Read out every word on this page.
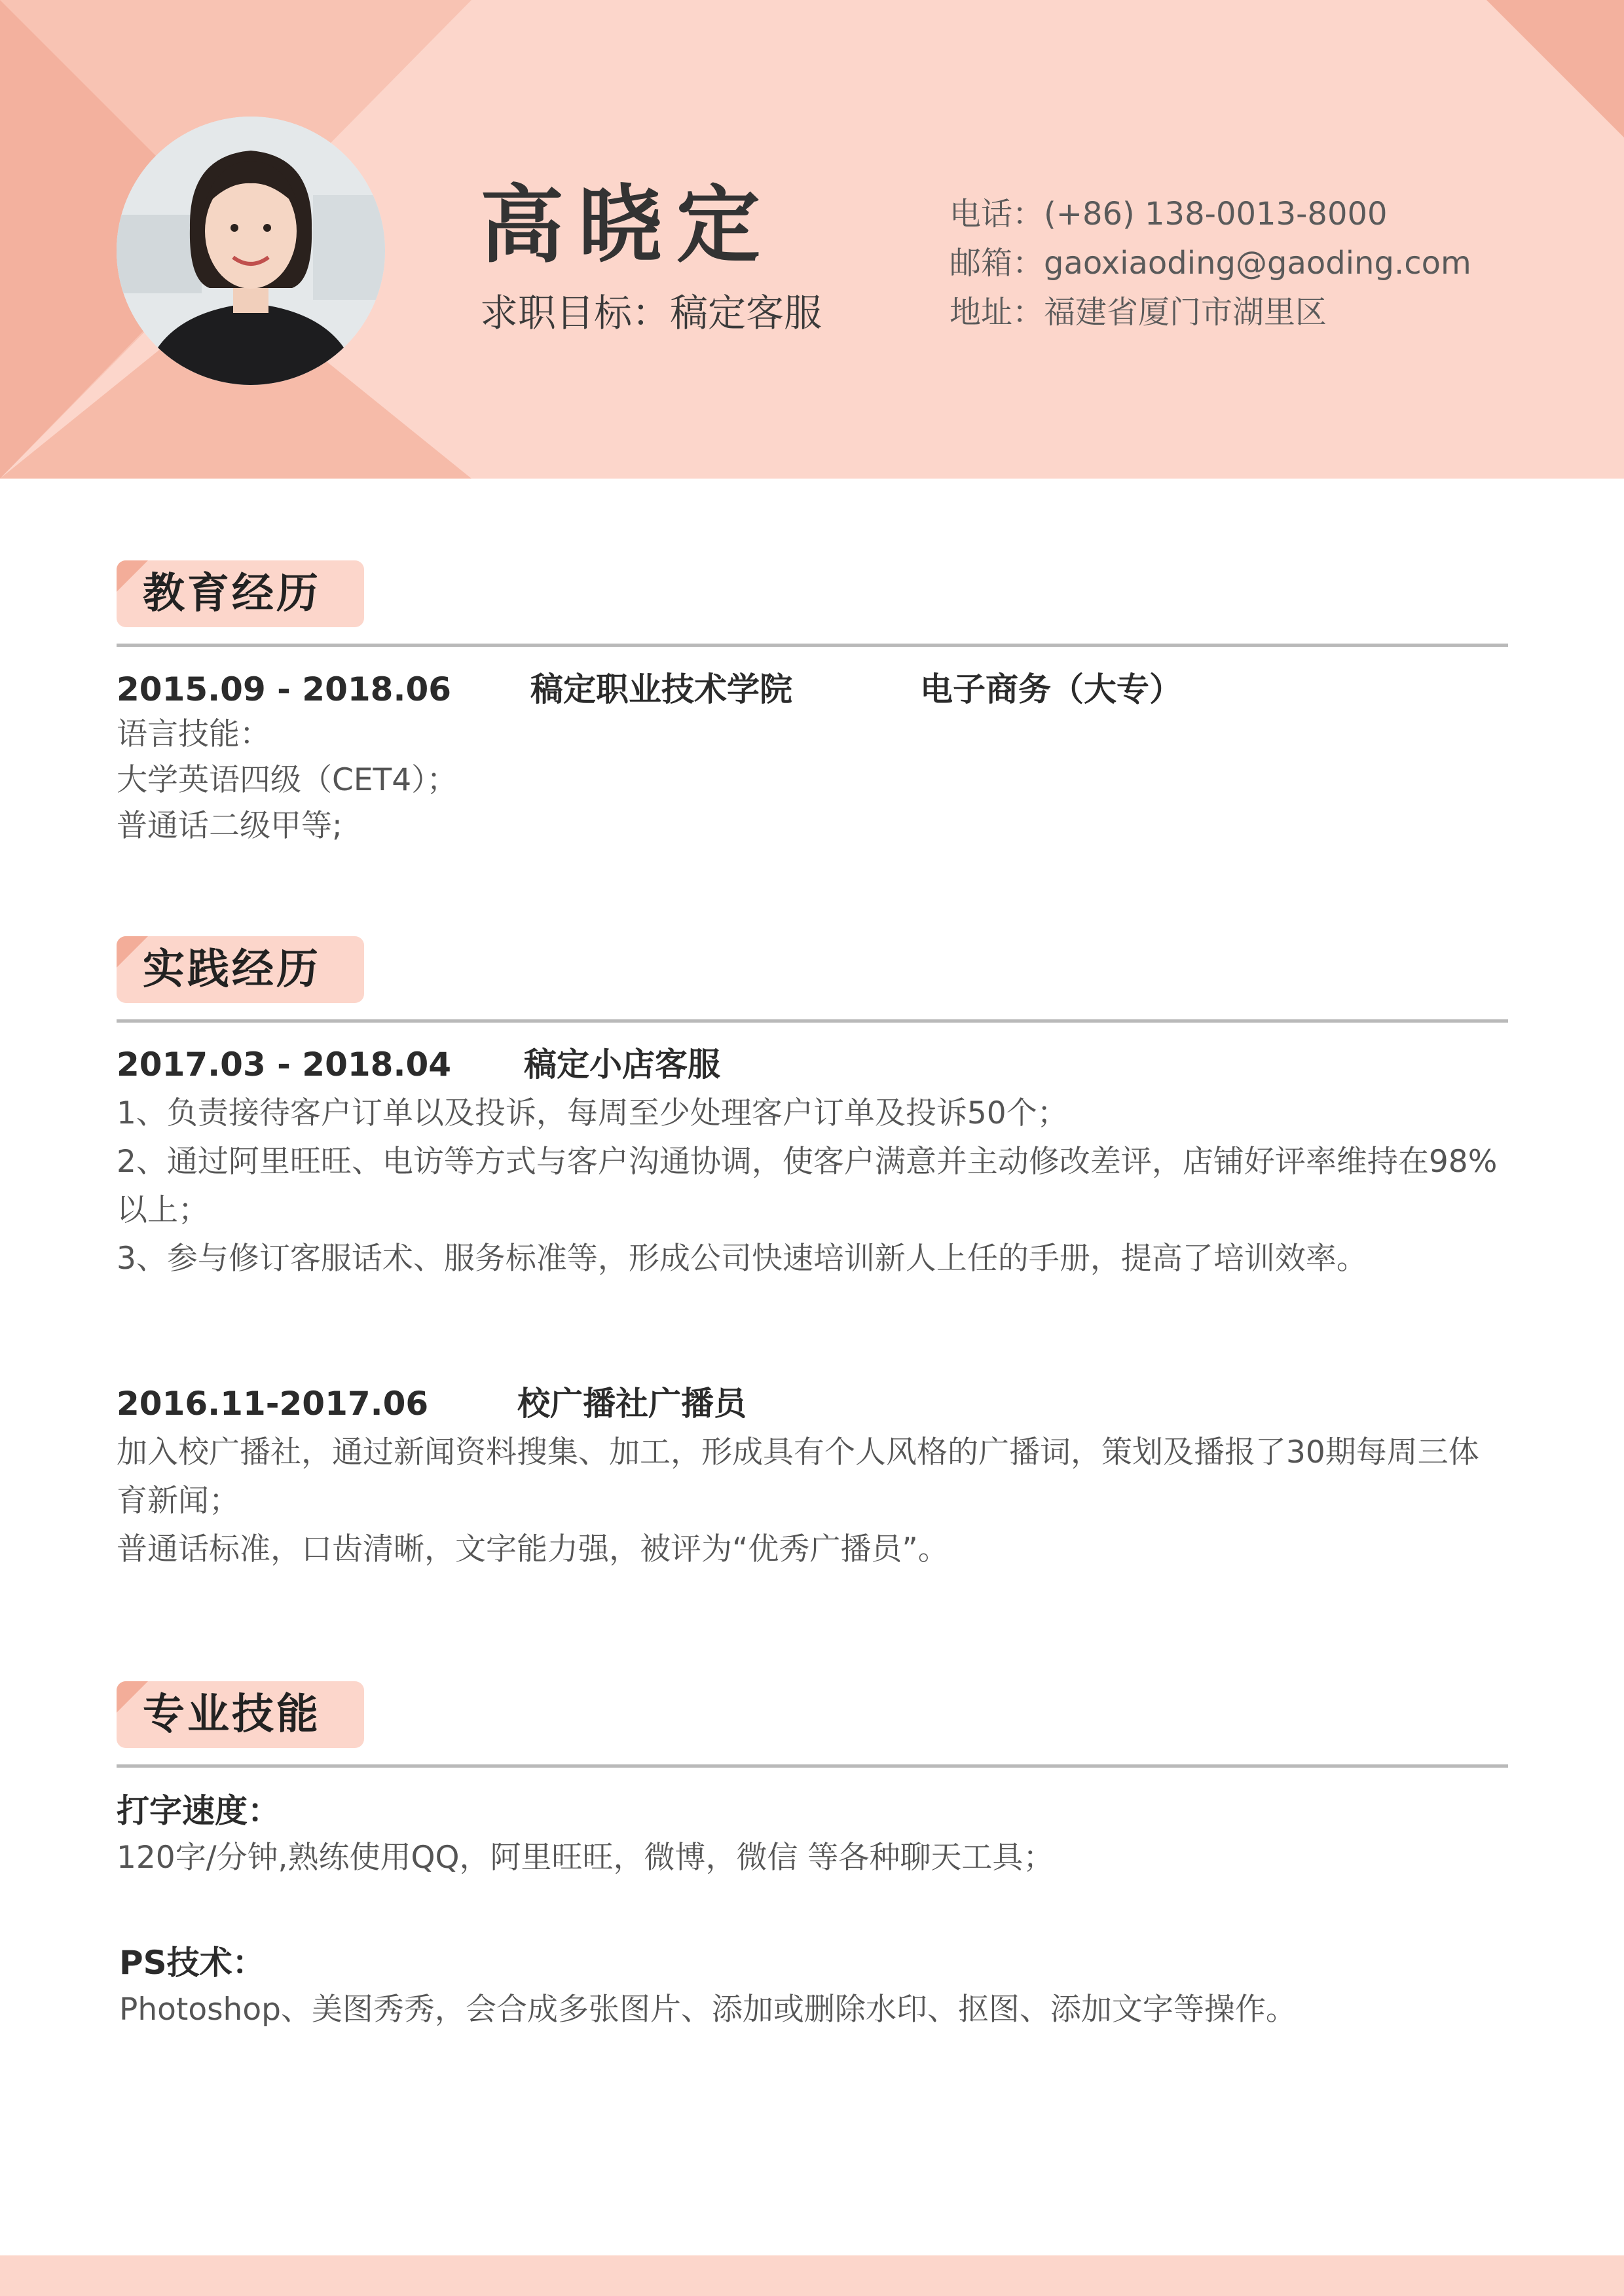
高晓定
求职目标：稿定客服
电话：(+86) 138-0013-8000
邮箱：gaoxiaoding@gaoding.com
地址：福建省厦门市湖里区
教育经历
2015.09 - 2018.06 稿定职业技术学院	电子商务（大专）
语言技能：
大学英语四级（CET4）；
普通话二级甲等;
实践经历
2017.03 - 2018.04 稿定小店客服
1、负责接待客户订单以及投诉，每周至少处理客户订单及投诉50个；
2、通过阿里旺旺、电访等方式与客户沟通协调，使客户满意并主动修改差评，店铺好评率维持在98%以上；
3、参与修订客服话术、服务标准等，形成公司快速培训新人上任的手册，提高了培训效率。
2016.11-2017.06	校广播社广播员
加入校广播社，通过新闻资料搜集、加工，形成具有个人风格的广播词，策划及播报了30期每周三体育新闻；
普通话标准，口齿清晰，文字能力强，被评为“优秀广播员”。
专业技能
打字速度：
120字/分钟,熟练使用QQ，阿里旺旺，微博，微信 等各种聊天工具；
PS技术：
Photoshop、美图秀秀，会合成多张图片、添加或删除水印、抠图、添加文字等操作。
